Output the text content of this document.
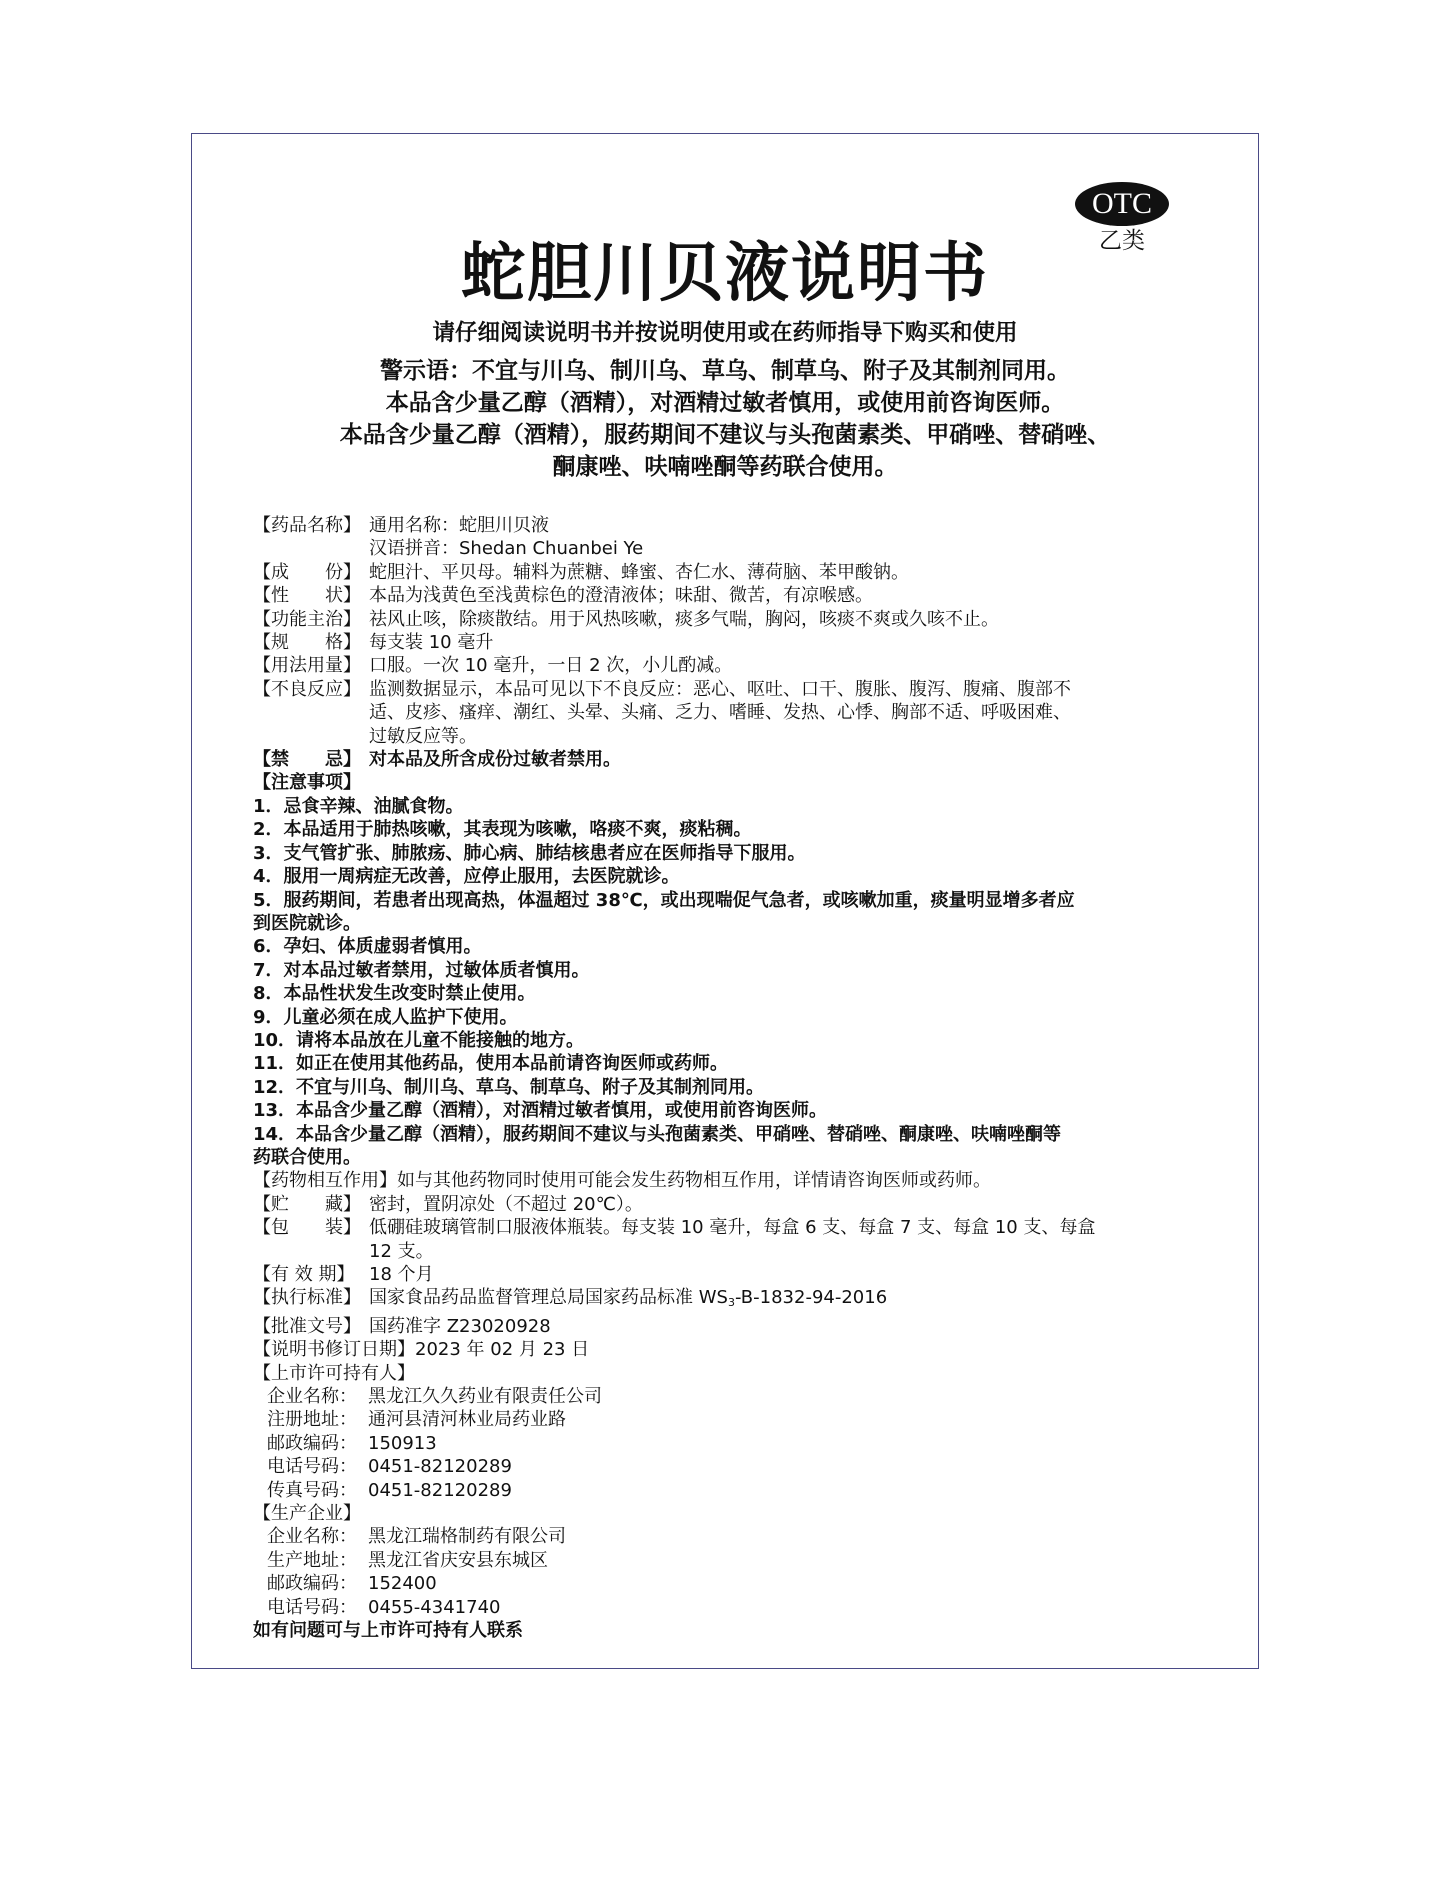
OTC
乙类
蛇胆川贝液说明书
请仔细阅读说明书并按说明使用或在药师指导下购买和使用
警示语：不宜与川乌、制川乌、草乌、制草乌、附子及其制剂同用。
本品含少量乙醇（酒精），对酒精过敏者慎用，或使用前咨询医师。
本品含少量乙醇（酒精），服药期间不建议与头孢菌素类、甲硝唑、替硝唑、
酮康唑、呋喃唑酮等药联合使用。
【药品名称】 通用名称：蛇胆川贝液
汉语拼音：Shedan Chuanbei Ye
【成　　份】 蛇胆汁、平贝母。辅料为蔗糖、蜂蜜、杏仁水、薄荷脑、苯甲酸钠。
【性　　状】 本品为浅黄色至浅黄棕色的澄清液体；味甜、微苦，有凉喉感。
【功能主治】 祛风止咳，除痰散结。用于风热咳嗽，痰多气喘，胸闷，咳痰不爽或久咳不止。
【规　　格】 每支装 10 毫升
【用法用量】 口服。一次 10 毫升，一日 2 次，小儿酌减。
【不良反应】 监测数据显示，本品可见以下不良反应：恶心、呕吐、口干、腹胀、腹泻、腹痛、腹部不
适、皮疹、瘙痒、潮红、头晕、头痛、乏力、嗜睡、发热、心悸、胸部不适、呼吸困难、
过敏反应等。
【禁　　忌】 对本品及所含成份过敏者禁用。
【注意事项】
1．忌食辛辣、油腻食物。
2．本品适用于肺热咳嗽，其表现为咳嗽，咯痰不爽，痰粘稠。
3．支气管扩张、肺脓疡、肺心病、肺结核患者应在医师指导下服用。
4．服用一周病症无改善，应停止服用，去医院就诊。
5．服药期间，若患者出现高热，体温超过 38℃，或出现喘促气急者，或咳嗽加重，痰量明显增多者应
到医院就诊。
6．孕妇、体质虚弱者慎用。
7．对本品过敏者禁用，过敏体质者慎用。
8．本品性状发生改变时禁止使用。
9．儿童必须在成人监护下使用。
10．请将本品放在儿童不能接触的地方。
11．如正在使用其他药品，使用本品前请咨询医师或药师。
12．不宜与川乌、制川乌、草乌、制草乌、附子及其制剂同用。
13．本品含少量乙醇（酒精），对酒精过敏者慎用，或使用前咨询医师。
14．本品含少量乙醇（酒精），服药期间不建议与头孢菌素类、甲硝唑、替硝唑、酮康唑、呋喃唑酮等
药联合使用。
【药物相互作用】 如与其他药物同时使用可能会发生药物相互作用，详情请咨询医师或药师。
【贮　　藏】 密封，置阴凉处（不超过 20℃）。
【包　　装】 低硼硅玻璃管制口服液体瓶装。每支装 10 毫升，每盒 6 支、每盒 7 支、每盒 10 支、每盒
12 支。
【有 效 期】 18 个月
【执行标准】 国家食品药品监督管理总局国家药品标准 $WS_3-B-1832-94-2016$
【批准文号】 国药准字 Z23020928
【说明书修订日期】 2023 年 02 月 23 日
【上市许可持有人】
企业名称： 黑龙江久久药业有限责任公司
注册地址： 通河县清河林业局药业路
邮政编码： 150913
电话号码： 0451-82120289
传真号码： 0451-82120289
【生产企业】
企业名称： 黑龙江瑞格制药有限公司
生产地址： 黑龙江省庆安县东城区
邮政编码： 152400
电话号码： 0455-4341740
如有问题可与上市许可持有人联系
